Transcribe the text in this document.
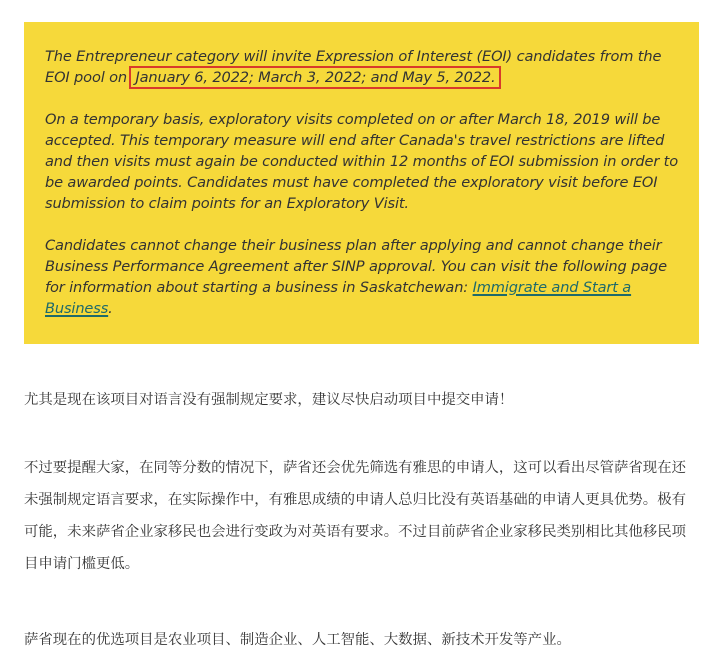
The Entrepreneur category will invite Expression of Interest (EOI) candidates from the EOI pool on January 6, 2022; March 3, 2022; and May 5, 2022.

On a temporary basis, exploratory visits completed on or after March 18, 2019 will be accepted. This temporary measure will end after Canada's travel restrictions are lifted and then visits must again be conducted within 12 months of EOI submission in order to be awarded points. Candidates must have completed the exploratory visit before EOI submission to claim points for an Exploratory Visit.

Candidates cannot change their business plan after applying and cannot change their Business Performance Agreement after SINP approval. You can visit the following page for information about starting a business in Saskatchewan: Immigrate and Start a Business.

尤其是现在该项目对语言没有强制规定要求，建议尽快启动项目中提交申请！

不过要提醒大家，在同等分数的情况下，萨省还会优先筛选有雅思的申请人，这可以看出尽管萨省现在还未强制规定语言要求，在实际操作中，有雅思成绩的申请人总归比没有英语基础的申请人更具优势。极有可能，未来萨省企业家移民也会进行变政为对英语有要求。不过目前萨省企业家移民类别相比其他移民项目申请门槛更低。

萨省现在的优选项目是农业项目、制造企业、人工智能、大数据、新技术开发等产业。
